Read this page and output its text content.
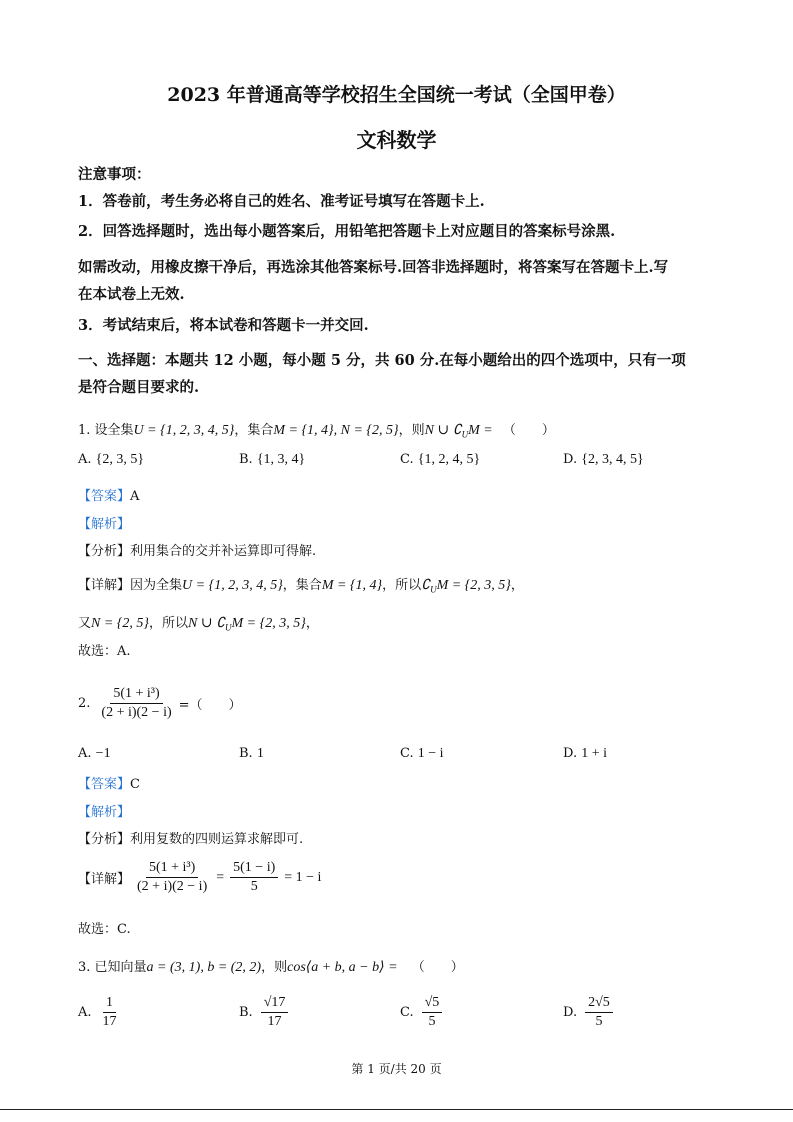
2023 年普通高等学校招生全国统一考试（全国甲卷）
文科数学
注意事项：
1．答卷前，考生务必将自己的姓名、准考证号填写在答题卡上.
2．回答选择题时，选出每小题答案后，用铅笔把答题卡上对应题目的答案标号涂黑.
如需改动，用橡皮擦干净后，再选涂其他答案标号.回答非选择题时，将答案写在答题卡上.写
在本试卷上无效.
3．考试结束后，将本试卷和答题卡一并交回.
一、选择题：本题共 12 小题，每小题 5 分，共 60 分.在每小题给出的四个选项中，只有一项
是符合题目要求的.
1. 设全集U = {1, 2, 3, 4, 5}，集合M = {1, 4}, N = {2, 5}，则N ∪ $∁_UM$ = （　　）
A. {2, 3, 5}	B. {1, 3, 4}	C. {1, 2, 4, 5}	D. {2, 3, 4, 5}
【答案】A
【解析】
【分析】利用集合的交并补运算即可得解.
【详解】因为全集U = {1, 2, 3, 4, 5}，集合M = {1, 4}，所以$∁_UM = \{2$, 3, 5}，
又N = {2, 5}，所以N ∪ $∁_UM = \{2$, 3, 5}，
故选：A.
2. $\frac{\text{5(1 + i³)}}{(2 + i)(2 - i)}$ =（　　）
A. −1	B. 1	C. 1 − i	D. 1 + i
【答案】C
【解析】
【分析】利用复数的四则运算求解即可.
【详解】 $\frac{\text{5(1 + i³)}}{(2 + i)(2 - i)} = \frac{5(1 - i)}{5} = 1 - i$
故选：C.
3. 已知向量a = (3, 1), b = (2, 2)，则cos⟨a + b, a − b⟩ = （　　）
A. $\frac{1}{17}$	B. $\frac{√17}{17}$	C. $\frac{√5}{5}$	D. $\frac{2√5}{5}$
第 1 页/共 20 页
